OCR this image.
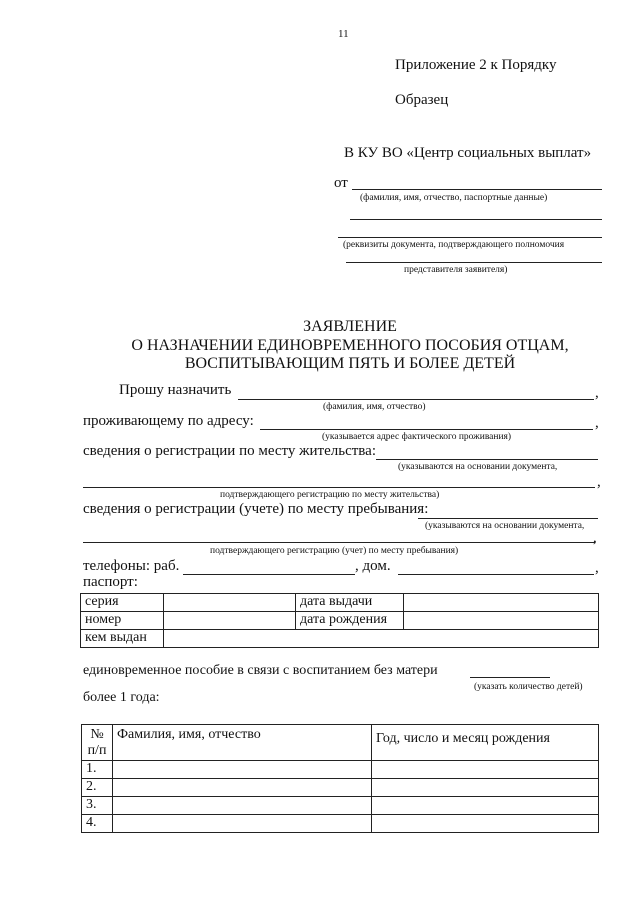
11
Приложение 2 к Порядку
Образец
В КУ ВО «Центр социальных выплат»
от
(фамилия, имя, отчество, паспортные данные)
(реквизиты документа, подтверждающего полномочия
представителя заявителя)
ЗАЯВЛЕНИЕ
О НАЗНАЧЕНИИ ЕДИНОВРЕМЕННОГО ПОСОБИЯ ОТЦАМ,
ВОСПИТЫВАЮЩИМ ПЯТЬ И БОЛЕЕ ДЕТЕЙ
Прошу назначить	,
(фамилия, имя, отчество)
проживающему по адресу:	,
(указывается адрес фактического проживания)
сведения о регистрации по месту жительства:
(указываются на основании документа,
,
подтверждающего регистрацию по месту жительства)
сведения о регистрации (учете) по месту пребывания:
(указываются на основании документа,
,
подтверждающего регистрацию (учет) по месту пребывания)
телефоны: раб.	, дом.	,
паспорт:
серия		дата выдачи	
номер		дата рождения	
кем выдан			
единовременное пособие в связи с воспитанием без матери
(указать количество детей)
более 1 года:
№
п/п	Фамилия, имя, отчество	Год, число и месяц рождения
1.		
2.		
3.		
4.		
